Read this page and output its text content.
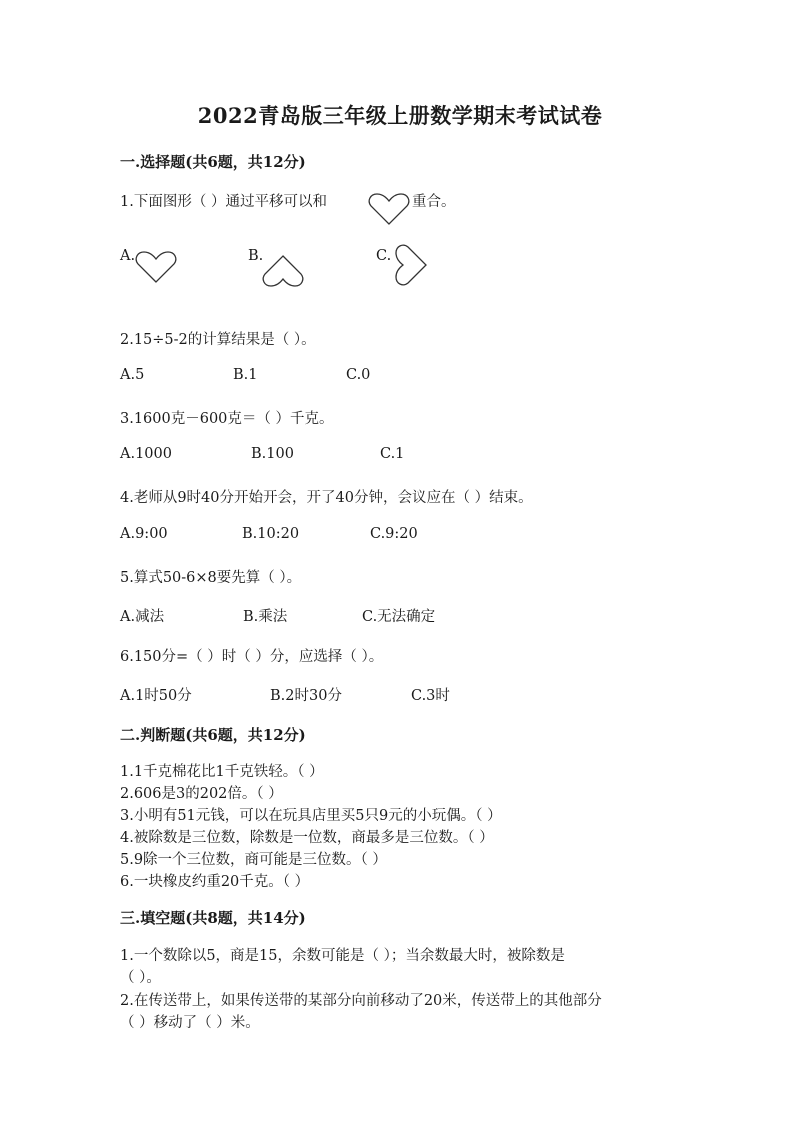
2022青岛版三年级上册数学期末考试试卷
一.选择题(共6题，共12分)
1.下面图形（ ）通过平移可以和	重合。
A.	B.	C.
2.15÷5-2的计算结果是（ ）。
A.5	B.1	C.0
3.1600克－600克＝（ ）千克。
A.1000	B.100	C.1
4.老师从9时40分开始开会，开了40分钟，会议应在（ ）结束。
A.9:00	B.10:20	C.9:20
5.算式50-6×8要先算（ ）。
A.减法	B.乘法	C.无法确定
6.150分=（ ）时（ ）分，应选择（ ）。
A.1时50分	B.2时30分	C.3时
二.判断题(共6题，共12分)
1.1千克棉花比1千克铁轻。（ ）
2.606是3的202倍。（ ）
3.小明有51元钱，可以在玩具店里买5只9元的小玩偶。（ ）
4.被除数是三位数，除数是一位数，商最多是三位数。（ ）
5.9除一个三位数，商可能是三位数。（ ）
6.一块橡皮约重20千克。（ ）
三.填空题(共8题，共14分)
1.一个数除以5，商是15，余数可能是（ ）；当余数最大时，被除数是
（ ）。
2.在传送带上，如果传送带的某部分向前移动了20米，传送带上的其他部分
（ ）移动了（ ）米。
